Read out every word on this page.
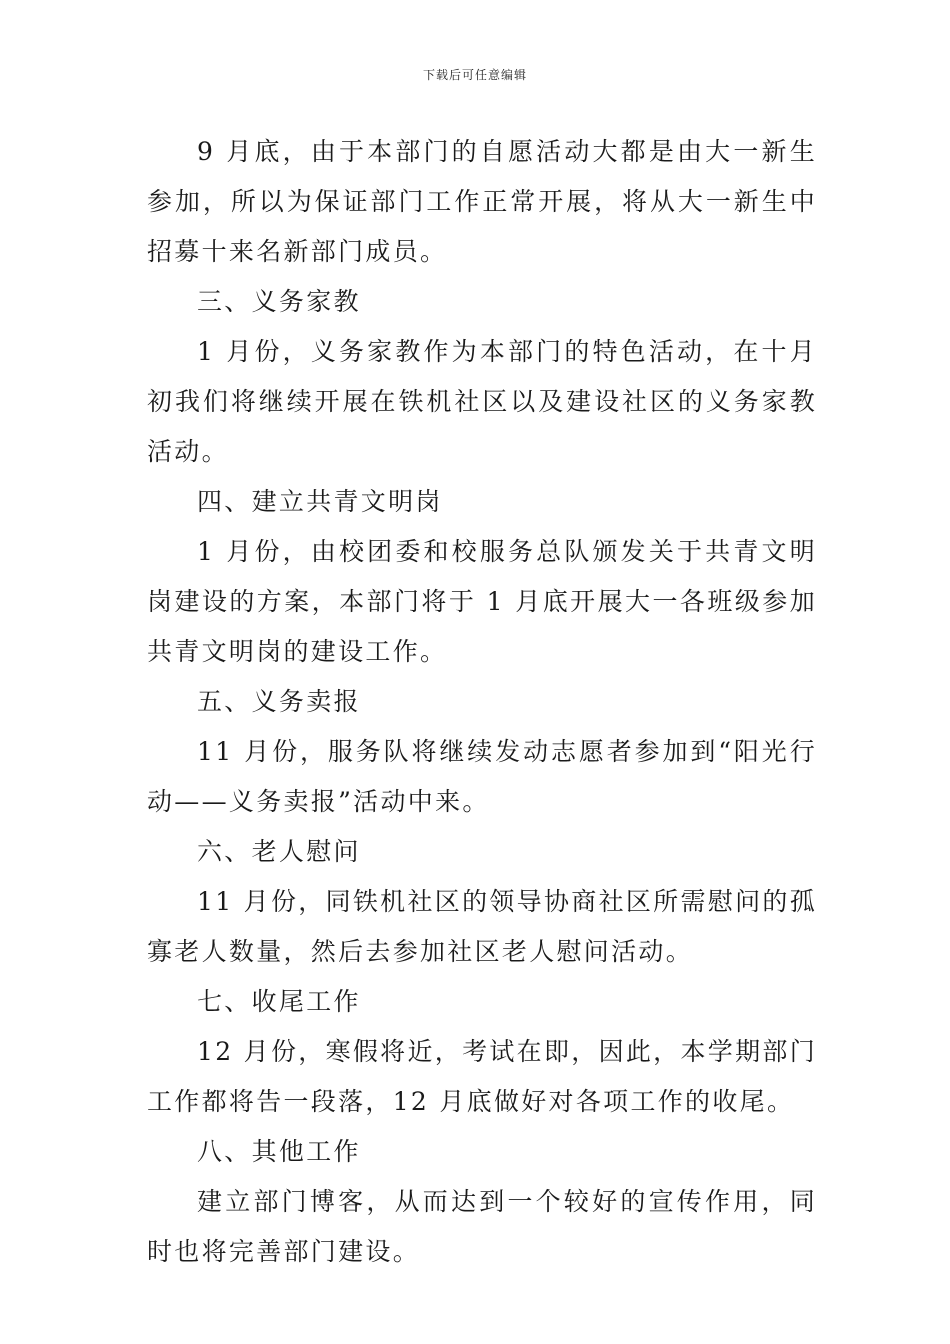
下载后可任意编辑

9 月底，由于本部门的自愿活动大都是由大一新生参加，所以为保证部门工作正常开展，将从大一新生中招募十来名新部门成员。

三、义务家教

1 月份，义务家教作为本部门的特色活动，在十月初我们将继续开展在铁机社区以及建设社区的义务家教活动。

四、建立共青文明岗

1 月份，由校团委和校服务总队颁发关于共青文明岗建设的方案，本部门将于 1 月底开展大一各班级参加共青文明岗的建设工作。

五、义务卖报

11 月份，服务队将继续发动志愿者参加到“阳光行动——义务卖报”活动中来。

六、老人慰问

11 月份，同铁机社区的领导协商社区所需慰问的孤寡老人数量，然后去参加社区老人慰问活动。

七、收尾工作

12 月份，寒假将近，考试在即，因此，本学期部门工作都将告一段落，12 月底做好对各项工作的收尾。

八、其他工作

建立部门博客，从而达到一个较好的宣传作用，同时也将完善部门建设。
